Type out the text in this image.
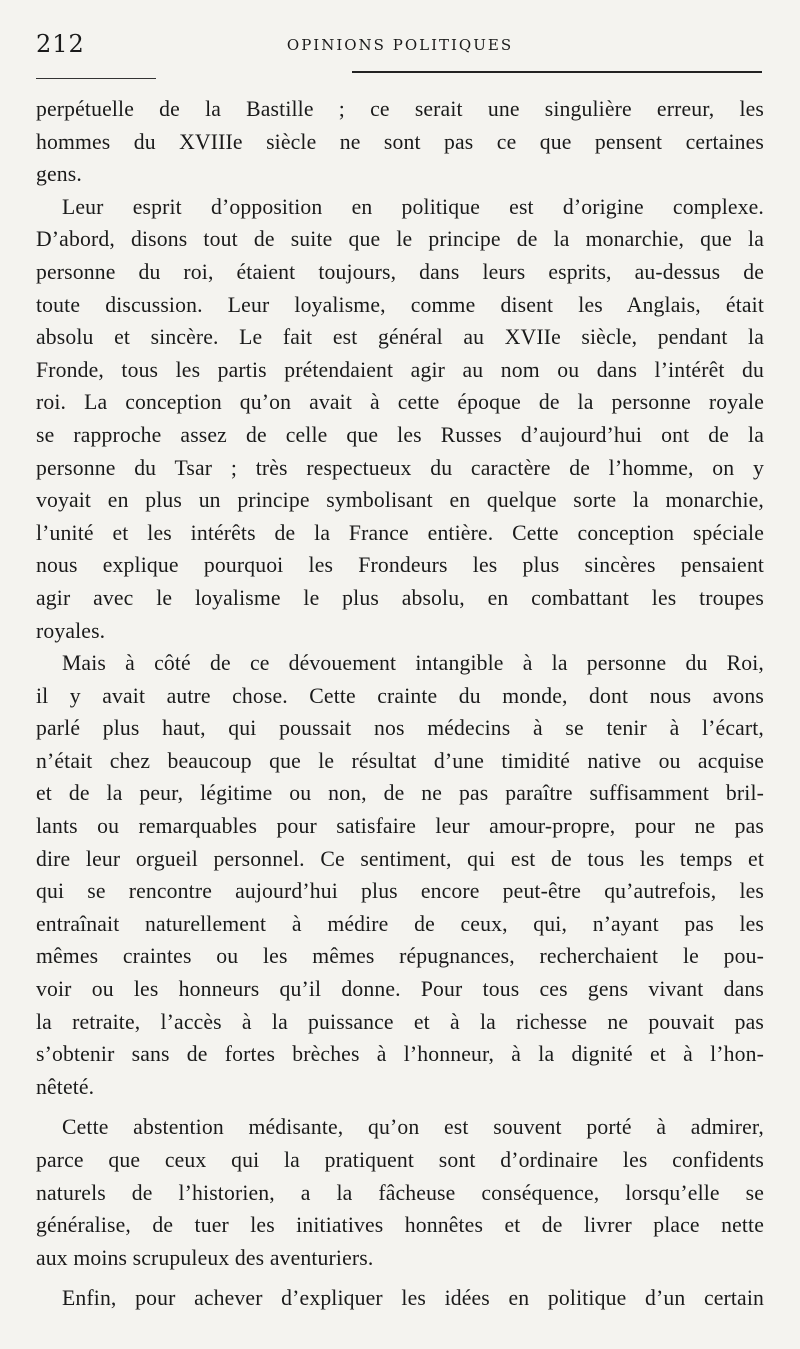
212	OPINIONS POLITIQUES
perpétuelle de la Bastille ; ce serait une singulière erreur, les
hommes du XVIIIe siècle ne sont pas ce que pensent certaines
gens.
Leur esprit d’opposition en politique est d’origine complexe.
D’abord, disons tout de suite que le principe de la monarchie, que la
personne du roi, étaient toujours, dans leurs esprits, au-dessus de
toute discussion. Leur loyalisme, comme disent les Anglais, était
absolu et sincère. Le fait est général au XVIIe siècle, pendant la
Fronde, tous les partis prétendaient agir au nom ou dans l’intérêt du
roi. La conception qu’on avait à cette époque de la personne royale
se rapproche assez de celle que les Russes d’aujourd’hui ont de la
personne du Tsar ; très respectueux du caractère de l’homme, on y
voyait en plus un principe symbolisant en quelque sorte la monarchie,
l’unité et les intérêts de la France entière. Cette conception spéciale
nous explique pourquoi les Frondeurs les plus sincères pensaient
agir avec le loyalisme le plus absolu, en combattant les troupes
royales.
Mais à côté de ce dévouement intangible à la personne du Roi,
il y avait autre chose. Cette crainte du monde, dont nous avons
parlé plus haut, qui poussait nos médecins à se tenir à l’écart,
n’était chez beaucoup que le résultat d’une timidité native ou acquise
et de la peur, légitime ou non, de ne pas paraître suffisamment bril-
lants ou remarquables pour satisfaire leur amour-propre, pour ne pas
dire leur orgueil personnel. Ce sentiment, qui est de tous les temps et
qui se rencontre aujourd’hui plus encore peut-être qu’autrefois, les
entraînait naturellement à médire de ceux, qui, n’ayant pas les
mêmes craintes ou les mêmes répugnances, recherchaient le pou-
voir ou les honneurs qu’il donne. Pour tous ces gens vivant dans
la retraite, l’accès à la puissance et à la richesse ne pouvait pas
s’obtenir sans de fortes brèches à l’honneur, à la dignité et à l’hon-
nêteté.
Cette abstention médisante, qu’on est souvent porté à admirer,
parce que ceux qui la pratiquent sont d’ordinaire les confidents
naturels de l’historien, a la fâcheuse conséquence, lorsqu’elle se
généralise, de tuer les initiatives honnêtes et de livrer place nette
aux moins scrupuleux des aventuriers.
Enfin, pour achever d’expliquer les idées en politique d’un certain
